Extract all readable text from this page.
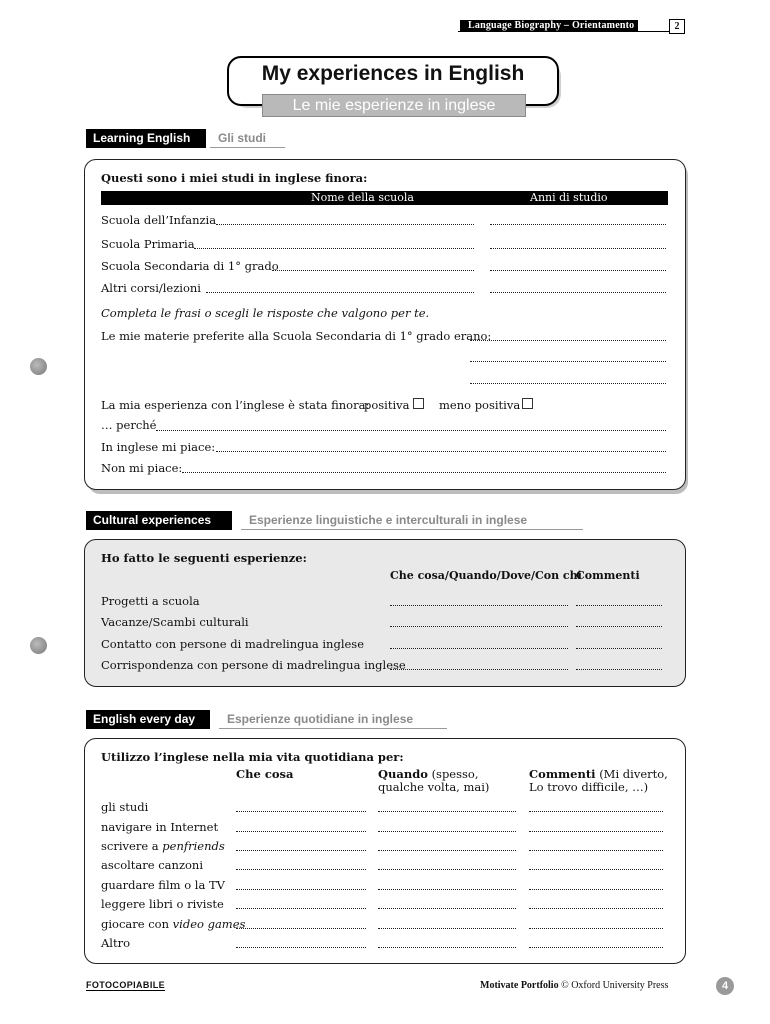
Language Biography – Orientamento	2
My experiences in English
Le mie esperienze in inglese
Learning English	Gli studi
Questi sono i miei studi in inglese finora:
Nome della scuola	Anni di studio
Scuola dell’Infanzia
Scuola Primaria
Scuola Secondaria di 1° grado
Altri corsi/lezioni
Completa le frasi o scegli le risposte che valgono per te.
Le mie materie preferite alla Scuola Secondaria di 1° grado erano:
La mia esperienza con l’inglese è stata finora:
positiva	meno positiva
… perché
In inglese mi piace:
Non mi piace:
Cultural experiences	Esperienze linguistiche e interculturali in inglese
Ho fatto le seguenti esperienze:
Che cosa/Quando/Dove/Con chi
Commenti
Progetti a scuola
Vacanze/Scambi culturali
Contatto con persone di madrelingua inglese
Corrispondenza con persone di madrelingua inglese
English every day	Esperienze quotidiane in inglese
Utilizzo l’inglese nella mia vita quotidiana per:
Che cosa	Quando (spesso,
qualche volta, mai)
Commenti (Mi diverto,
Lo trovo difficile, …)
gli studi
navigare in Internet
scrivere a penfriends
ascoltare canzoni
guardare film o la TV
leggere libri o riviste
giocare con video games
Altro
FOTOCOPIABILE	Motivate Portfolio © Oxford University Press	4
